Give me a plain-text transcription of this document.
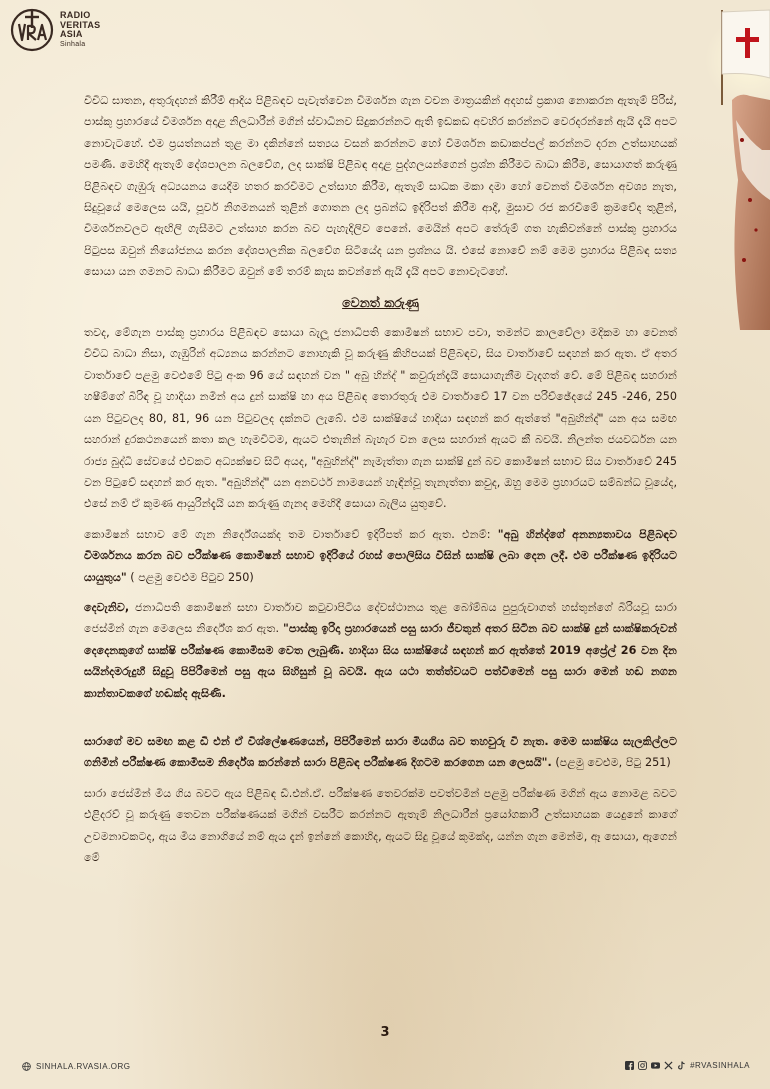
RADIO
VERITAS
ASIA
Sinhala

විවිධ ඝාතන, අතුරුදහන් කිරීම් ආදිය පිළිබඳව පැවැත්වෙන විමර්ශන ගැන වචන මාත්‍රයකින් අදහස් ප්‍රකාශ නොකරන ඇතැම් පිරිස්, පාස්කු ප්‍රහාරයේ විමර්ශන අදාළ නිලධාරීන් මගින් ස්වාධීනව සිදුකරන්නට ඇති ඉඩකඩ අවහිර කරන්නට වෙරදරන්නේ ඇයි දැයි අපට නොවැටහේ. එම ප්‍රයත්නයන් තුළ මා දකින්නේ සත්‍යය වසන් කරන්නට හෝ විමර්ශන කඩාකප්පල් කරන්නට දරන උත්සාහයක් පමණි. මෙහිදී ඇතැම් දේශපාලන බලවේග, ලද සාක්ෂි පිළිබඳ අදාළ පුද්ගලයන්ගෙන් ප්‍රශ්න කිරීමට බාධා කිරීම, සොයාගත් කරුණු පිළිබඳව ගැඹුරු අධ්‍යයනය යෙදීම හතර කරවීමට උත්සාහ කිරීම, ඇතැම් සාධක මකා දමා හෝ වෙනත් විමර්ශන අවශ්‍ය නැත, සිදුවූයේ මෙලෙස යයි, පූර්ව නිගමනයන් තුළින් ගොතන ලද ප්‍රබන්ධ ඉදිරිපත් කිරීම ආදී, මුසාව රජ කරවීමේ ක්‍රමවේද තුළින්, විමර්ශනවලට ඇඟිලි ගැසීමට උත්සාහ කරන බව පැහැදිලිව පෙනේ. මෙයින් අපට තේරුම් ගත හැකිවන්නේ පාස්කු ප්‍රහාරය පිටුපස ඔවුන් නියෝජනය කරන දේශපාලනික බලවේග සිටියේද යන ප්‍රශ්නය යි. එසේ නොවේ නම් මෙම ප්‍රහාරය පිළිබඳ සත්‍ය සොයා යන ගමනට බාධා කිරීමට ඔවුන් මේ තරම් කැස කවන්නේ ඇයි දැයි අපට නොවැටහේ.

වෙනත් කරුණු

තවද, මේගැන පාස්කු ප්‍රහාරය පිළිබඳව සොයා බැලූ ජනාධිපති කොමිෂන් සභාව පවා, තමන්ට කාලවේලා මදිකම හා වෙනත් විවිධ බාධා නිසා, ගැඹුරින් අධ්‍යනය කරන්නට නොහැකි වූ කරුණු කිහිපයක් පිළිබඳව, සිය වාර්තාවේ සඳහන් කර ඇත. ඒ අතර වාර්තාවේ පළමු වෙළුමේ පිටු අංක 96 යේ සඳහන් වන " අබු හින්ද් " කවුරුන්දැයි සොයාගැනීම වැදගත් වේ. මේ පිළිබඳ සහරාන් හෂීම්ගේ බිරිඳ වූ හාදියා නමින් අය දුන් සාක්ෂි හා අය පිළිබඳ තොරතුරු එම වාර්තාවේ 17 වන පරිච්ඡේදයේ 245 -246, 250 යන පිටුවලද 80, 81, 96 යන පිටුවලද දක්නට ලැබේ. එම සාක්ෂියේ හාදියා සඳහන් කර ඇත්තේ "අබුහින්ද්" යන අය සමඟ සහරාන් දුරකථනයෙන් කතා කල හැමවිටම, ඇයට එතැනින් බැහැර වන ලෙස සහරාන් ඇයට කී බවයි. නිලන්ත ජයවර්ධන යන රාජ්‍ය බුද්ධි සේවයේ එවකට අධ්‍යක්ෂව සිටි අයද, "අබුහින්ද්" නැමැත්තා ගැන සාක්ෂි දුන් බව කොමිෂන් සභාව සිය වාර්තාවේ 245 වන පිටුවේ සඳහන් කර ඇත. "අබුහින්ද්" යන අනවර්ථ නාමයෙන් හැඳින්වූ තැනැත්තා කවුද, ඔහු මෙම ප්‍රහාරයට සම්බන්ධ වූයේද, එසේ නම් ඒ කුමණ ආයුරින්දැයි යන කරුණු ගැනද මෙහිදී සොයා බැලිය යුතුවේ.

කොමිෂන් සභාව මේ ගැන නිර්දේශයක්ද තම වාර්තාවේ ඉදිරිපත් කර ඇත. එනම්: "අබු හින්ද්ගේ අනන්‍යතාවය පිළිබඳව විමර්ශනය කරන බව පරීක්ෂණ කොමිෂන් සභාව ඉදිරියේ රහස් පොලිසිය විසින් සාක්ෂි ලබා දෙන ලදී. එම පරීක්ෂණ ඉදිරියට යායුතුය" ( පළමු වෙළුම පිටුව 250)

දෙවැනිව, ජනාධිපති කොමිෂන් සභා වාර්තාව කටුවාපිටිය දේවස්ථානය තුළ බෝම්බය පුපුරුවාගත් හස්තුන්ගේ බිරියවූ සාරා ජෙස්මින් ගැන මෙලෙස නිර්දේශ කර ඇත. "පාස්කු ඉරිදා ප්‍රහාරයෙන් පසු සාරා ජීවතුන් අතර සිටින බව සාක්ෂි දුන් සාක්ෂිකරුවන් දෙදෙනකුගේ සාක්ෂි පරීක්ෂණ කොමිසම වෙත ලැබුණි. හාදියා සිය සාක්ෂියේ සඳහන් කර ඇත්තේ 2019 අප්‍රේල් 26 වන දින සයින්දමරුදුහී සිදුවූ පිපිරීමෙන් පසු ඇය සිහිසුන් වූ බවයි. ඇය යථා තත්ත්වයට පත්වීමෙන් පසු සාරා මෙන් හඬ නගන කාන්තාවකගේ හඬක්ද ඇසිණි.

සාරාගේ මව සමඟ කළ ඩී එන් ඒ විශ්ලේෂණයෙන්, පිපිරීමෙන් සාරා මියගිය බව තහවුරු වී නැත. මෙම සාක්ෂිය සැලකිල්ලට ගනිමින් පරීක්ෂණ කොමිසම නිර්දේශ කරන්නේ සාරා පිළිබඳ පරීක්ෂණ දිගටම කරගෙන යන ලෙසයි". (පළමු වෙළුම, පිටු 251)

සාරා ජෙස්මින් මිය ගිය බවට ඇය පිළිබඳ ඩී.එන්.ඒ. පරීක්ෂණ තෙවරක්ම පවත්වමින් පළමු පරීක්ෂණ මගින් ඇය නොමළ බවට එළිදරව් වූ කරුණු තෙවන පරීක්ෂණයක් මගින් වසරීට කරන්නට ඇතැම් නිලධාරීන් ප්‍රයෝගකාරී උත්සාහයක යෙදුනේ කාගේ උවමනාවකටද, ඇය මිය නොගියේ නම් ඇය දැන් ඉන්නේ කොහිද, ඇයට සිදු වූයේ කුමක්ද, යන්න ගැන මෙන්ම, ඈ සොයා, ඇගෙන් මේ

3
SINHALA.RVASIA.ORG	#RVASINHALA
